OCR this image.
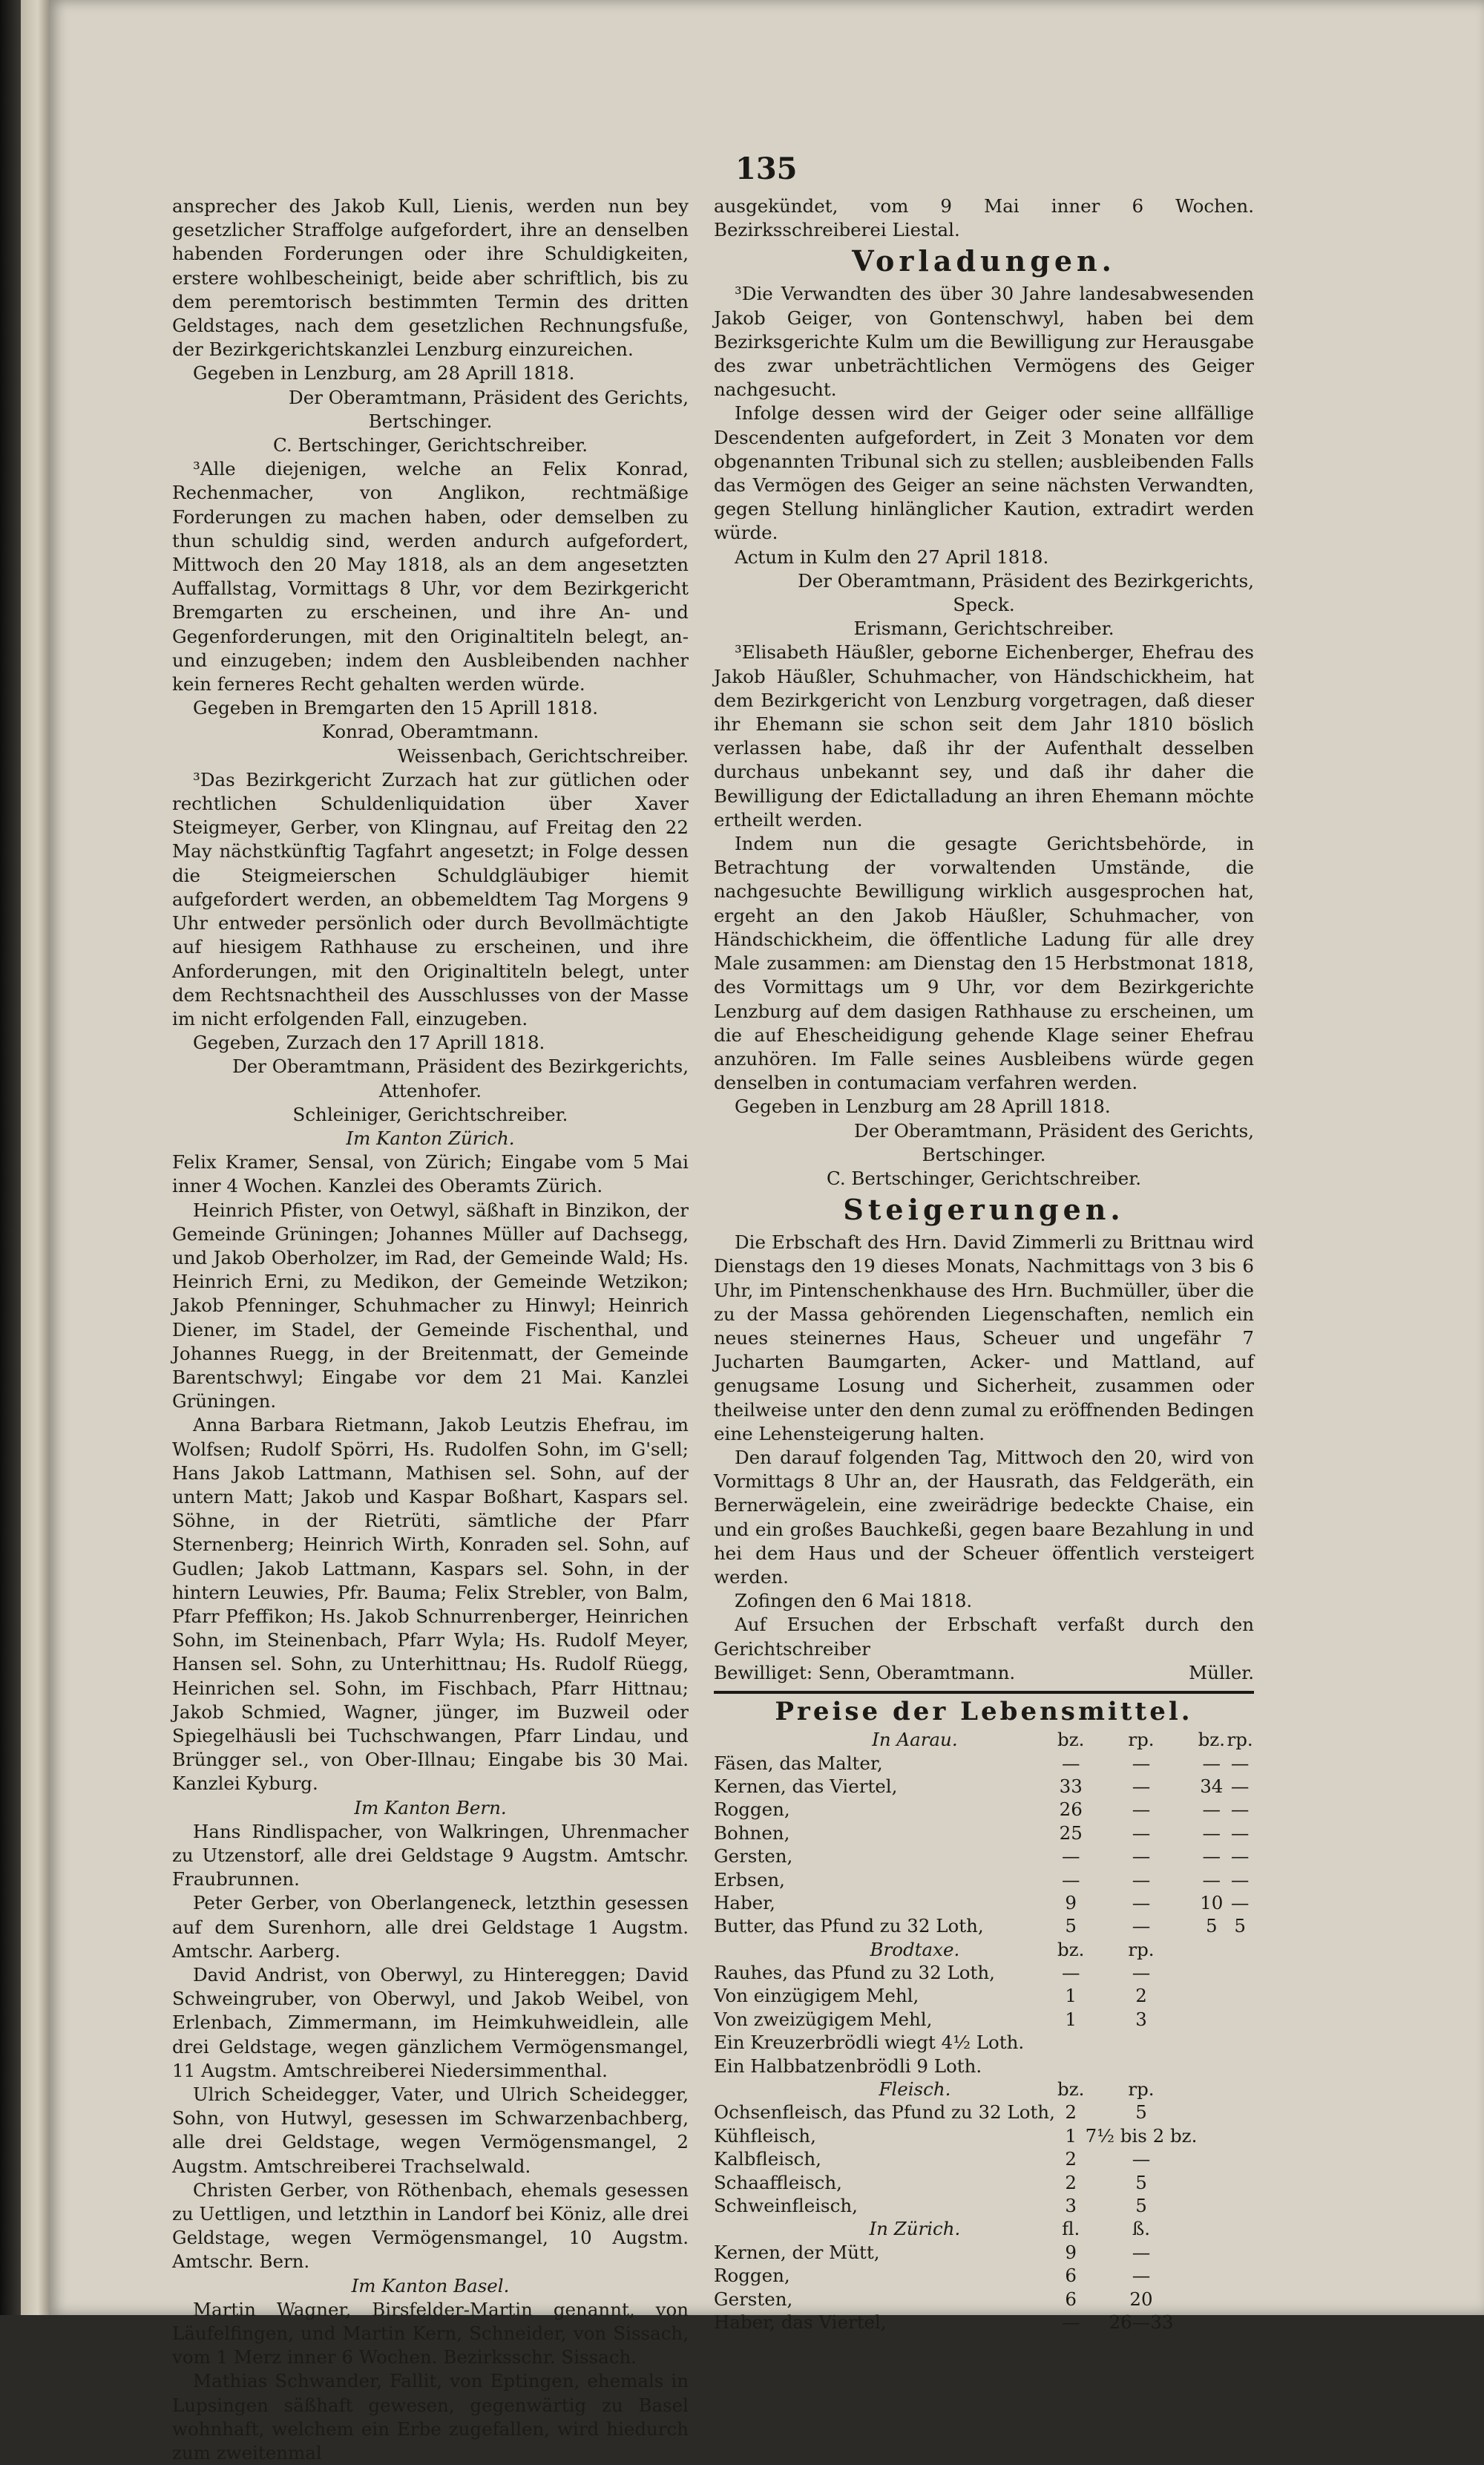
135

ansprecher des Jakob Kull, Lienis, werden nun bey gesetzlicher Straffolge aufgefordert, ihre an denselben habenden Forderungen oder ihre Schuldigkeiten, erstere wohlbescheinigt, beide aber schriftlich, bis zu dem peremtorisch bestimmten Termin des dritten Geldstages, nach dem gesetzlichen Rechnungsfuße, der Bezirkgerichtskanzlei Lenzburg einzureichen.

Gegeben in Lenzburg, am 28 Aprill 1818.

Der Oberamtmann, Präsident des Gerichts,

Bertschinger.

C. Bertschinger, Gerichtschreiber.

³Alle diejenigen, welche an Felix Konrad, Rechenmacher, von Anglikon, rechtmäßige Forderungen zu machen haben, oder demselben zu thun schuldig sind, werden andurch aufgefordert, Mittwoch den 20 May 1818, als an dem angesetzten Auffallstag, Vormittags 8 Uhr, vor dem Bezirkgericht Bremgarten zu erscheinen, und ihre An- und Gegenforderungen, mit den Originaltiteln belegt, an- und einzugeben; indem den Ausbleibenden nachher kein ferneres Recht gehalten werden würde.

Gegeben in Bremgarten den 15 Aprill 1818.

Konrad, Oberamtmann.

Weissenbach, Gerichtschreiber.

³Das Bezirkgericht Zurzach hat zur gütlichen oder rechtlichen Schuldenliquidation über Xaver Steigmeyer, Gerber, von Klingnau, auf Freitag den 22 May nächstkünftig Tagfahrt angesetzt; in Folge dessen die Steigmeierschen Schuldgläubiger hiemit aufgefordert werden, an obbemeldtem Tag Morgens 9 Uhr entweder persönlich oder durch Bevollmächtigte auf hiesigem Rathhause zu erscheinen, und ihre Anforderungen, mit den Originaltiteln belegt, unter dem Rechtsnachtheil des Ausschlusses von der Masse im nicht erfolgenden Fall, einzugeben.

Gegeben, Zurzach den 17 Aprill 1818.

Der Oberamtmann, Präsident des Bezirkgerichts,

Attenhofer.

Schleiniger, Gerichtschreiber.

Im Kanton Zürich.

Felix Kramer, Sensal, von Zürich; Eingabe vom 5 Mai inner 4 Wochen. Kanzlei des Oberamts Zürich.

Heinrich Pfister, von Oetwyl, säßhaft in Binzikon, der Gemeinde Grüningen; Johannes Müller auf Dachsegg, und Jakob Oberholzer, im Rad, der Gemeinde Wald; Hs. Heinrich Erni, zu Medikon, der Gemeinde Wetzikon; Jakob Pfenninger, Schuhmacher zu Hinwyl; Heinrich Diener, im Stadel, der Gemeinde Fischenthal, und Johannes Ruegg, in der Breitenmatt, der Gemeinde Barentschwyl; Eingabe vor dem 21 Mai. Kanzlei Grüningen.

Anna Barbara Rietmann, Jakob Leutzis Ehefrau, im Wolfsen; Rudolf Spörri, Hs. Rudolfen Sohn, im G'sell; Hans Jakob Lattmann, Mathisen sel. Sohn, auf der untern Matt; Jakob und Kaspar Boßhart, Kaspars sel. Söhne, in der Rietrüti, sämtliche der Pfarr Sternenberg; Heinrich Wirth, Konraden sel. Sohn, auf Gudlen; Jakob Lattmann, Kaspars sel. Sohn, in der hintern Leuwies, Pfr. Bauma; Felix Strebler, von Balm, Pfarr Pfeffikon; Hs. Jakob Schnurrenberger, Heinrichen Sohn, im Steinenbach, Pfarr Wyla; Hs. Rudolf Meyer, Hansen sel. Sohn, zu Unterhittnau; Hs. Rudolf Rüegg, Heinrichen sel. Sohn, im Fischbach, Pfarr Hittnau; Jakob Schmied, Wagner, jünger, im Buzweil oder Spiegelhäusli bei Tuchschwangen, Pfarr Lindau, und Brüngger sel., von Ober-Illnau; Eingabe bis 30 Mai. Kanzlei Kyburg.

Im Kanton Bern.

Hans Rindlispacher, von Walkringen, Uhrenmacher zu Utzenstorf, alle drei Geldstage 9 Augstm. Amtschr. Fraubrunnen.

Peter Gerber, von Oberlangeneck, letzthin gesessen auf dem Surenhorn, alle drei Geldstage 1 Augstm. Amtschr. Aarberg.

David Andrist, von Oberwyl, zu Hintereggen; David Schweingruber, von Oberwyl, und Jakob Weibel, von Erlenbach, Zimmermann, im Heimkuhweidlein, alle drei Geldstage, wegen gänzlichem Vermögensmangel, 11 Augstm. Amtschreiberei Niedersimmenthal.

Ulrich Scheidegger, Vater, und Ulrich Scheidegger, Sohn, von Hutwyl, gesessen im Schwarzenbachberg, alle drei Geldstage, wegen Vermögensmangel, 2 Augstm. Amtschreiberei Trachselwald.

Christen Gerber, von Röthenbach, ehemals gesessen zu Uettligen, und letzthin in Landorf bei Köniz, alle drei Geldstage, wegen Vermögensmangel, 10 Augstm. Amtschr. Bern.

Im Kanton Basel.

Martin Wagner, Birsfelder-Martin genannt, von Läufelfingen, und Martin Kern, Schneider, von Sissach, vom 1 Merz inner 6 Wochen. Bezirksschr. Sissach.

Mathias Schwander, Fallit, von Eptingen, ehemals in Lupsingen säßhaft gewesen, gegenwärtig zu Basel wohnhaft, welchem ein Erbe zugefallen, wird hiedurch zum zweitenmal

ausgekündet, vom 9 Mai inner 6 Wochen. Bezirksschreiberei Liestal.

Vorladungen.

³Die Verwandten des über 30 Jahre landesabwesenden Jakob Geiger, von Gontenschwyl, haben bei dem Bezirksgerichte Kulm um die Bewilligung zur Herausgabe des zwar unbeträchtlichen Vermögens des Geiger nachgesucht.

Infolge dessen wird der Geiger oder seine allfällige Descendenten aufgefordert, in Zeit 3 Monaten vor dem obgenannten Tribunal sich zu stellen; ausbleibenden Falls das Vermögen des Geiger an seine nächsten Verwandten, gegen Stellung hinlänglicher Kaution, extradirt werden würde.

Actum in Kulm den 27 April 1818.

Der Oberamtmann, Präsident des Bezirkgerichts,

Speck.

Erismann, Gerichtschreiber.

³Elisabeth Häußler, geborne Eichenberger, Ehefrau des Jakob Häußler, Schuhmacher, von Händschickheim, hat dem Bezirkgericht von Lenzburg vorgetragen, daß dieser ihr Ehemann sie schon seit dem Jahr 1810 böslich verlassen habe, daß ihr der Aufenthalt desselben durchaus unbekannt sey, und daß ihr daher die Bewilligung der Edictalladung an ihren Ehemann möchte ertheilt werden.

Indem nun die gesagte Gerichtsbehörde, in Betrachtung der vorwaltenden Umstände, die nachgesuchte Bewilligung wirklich ausgesprochen hat, ergeht an den Jakob Häußler, Schuhmacher, von Händschickheim, die öffentliche Ladung für alle drey Male zusammen: am Dienstag den 15 Herbstmonat 1818, des Vormittags um 9 Uhr, vor dem Bezirkgerichte Lenzburg auf dem dasigen Rathhause zu erscheinen, um die auf Ehescheidigung gehende Klage seiner Ehefrau anzuhören. Im Falle seines Ausbleibens würde gegen denselben in contumaciam verfahren werden.

Gegeben in Lenzburg am 28 Aprill 1818.

Der Oberamtmann, Präsident des Gerichts,

Bertschinger.

C. Bertschinger, Gerichtschreiber.

Steigerungen.

Die Erbschaft des Hrn. David Zimmerli zu Brittnau wird Dienstags den 19 dieses Monats, Nachmittags von 3 bis 6 Uhr, im Pintenschenkhause des Hrn. Buchmüller, über die zu der Massa gehörenden Liegenschaften, nemlich ein neues steinernes Haus, Scheuer und ungefähr 7 Jucharten Baumgarten, Acker- und Mattland, auf genugsame Losung und Sicherheit, zusammen oder theilweise unter den denn zumal zu eröffnenden Bedingen eine Lehensteigerung halten.

Den darauf folgenden Tag, Mittwoch den 20, wird von Vormittags 8 Uhr an, der Hausrath, das Feldgeräth, ein Bernerwägelein, eine zweirädrige bedeckte Chaise, ein und ein großes Bauchkeßi, gegen baare Bezahlung in und hei dem Haus und der Scheuer öffentlich versteigert werden.

Zofingen den 6 Mai 1818.

Auf Ersuchen der Erbschaft verfaßt durch den Gerichtschreiber

Bewilliget: Senn, Oberamtmann.	Müller.
Preise der Lebensmittel.
In Aarau.	bz.	rp.	bz.	rp.
Fäsen, das Malter,	—	—	—	—
Kernen, das Viertel,	33	—	34	—
Roggen,	26	—	—	—
Bohnen,	25	—	—	—
Gersten,	—	—	—	—
Erbsen,	—	—	—	—
Haber,	9	—	10	—
Butter, das Pfund zu 32 Loth,	5	—	5	5
Brodtaxe.	bz.	rp.		
Rauhes, das Pfund zu 32 Loth,	—	—		
Von einzügigem Mehl,	1	2		
Von zweizügigem Mehl,	1	3		
Ein Kreuzerbrödli wiegt 4½ Loth.				
Ein Halbbatzenbrödli 9 Loth.				
Fleisch.	bz.	rp.		
Ochsenfleisch, das Pfund zu 32 Loth,	2	5		
Kühfleisch,	1	7½ bis 2 bz.		
Kalbfleisch,	2	—		
Schaaffleisch,	2	5		
Schweinfleisch,	3	5		
In Zürich.	fl.	ß.		
Kernen, der Mütt,	9	—		
Roggen,	6	—		
Gersten,	6	20		
Haber, das Viertel,	—	26—33		
